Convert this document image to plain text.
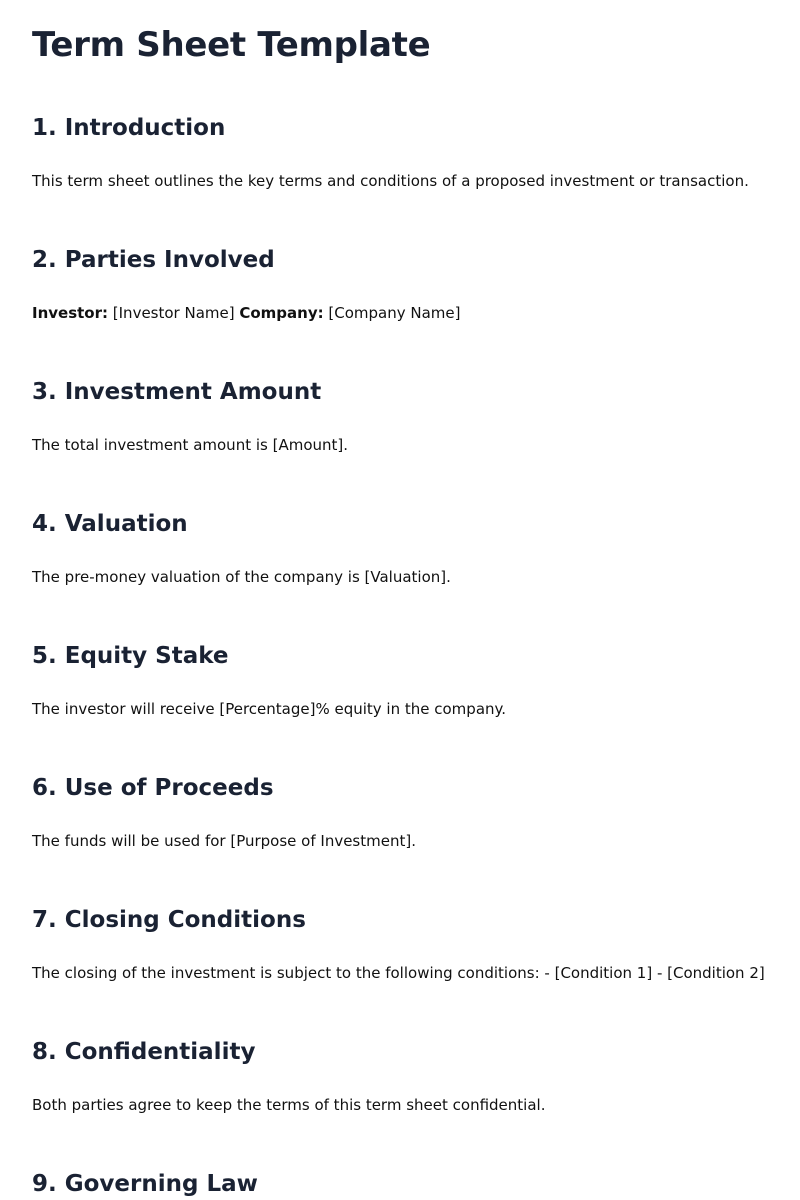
Term Sheet Template
1. Introduction

This term sheet outlines the key terms and conditions of a proposed investment or transaction.

2. Parties Involved

Investor: [Investor Name] Company: [Company Name]

3. Investment Amount

The total investment amount is [Amount].

4. Valuation

The pre-money valuation of the company is [Valuation].

5. Equity Stake

The investor will receive [Percentage]% equity in the company.

6. Use of Proceeds

The funds will be used for [Purpose of Investment].

7. Closing Conditions

The closing of the investment is subject to the following conditions: - [Condition 1] - [Condition 2]

8. Confidentiality

Both parties agree to keep the terms of this term sheet confidential.

9. Governing Law
